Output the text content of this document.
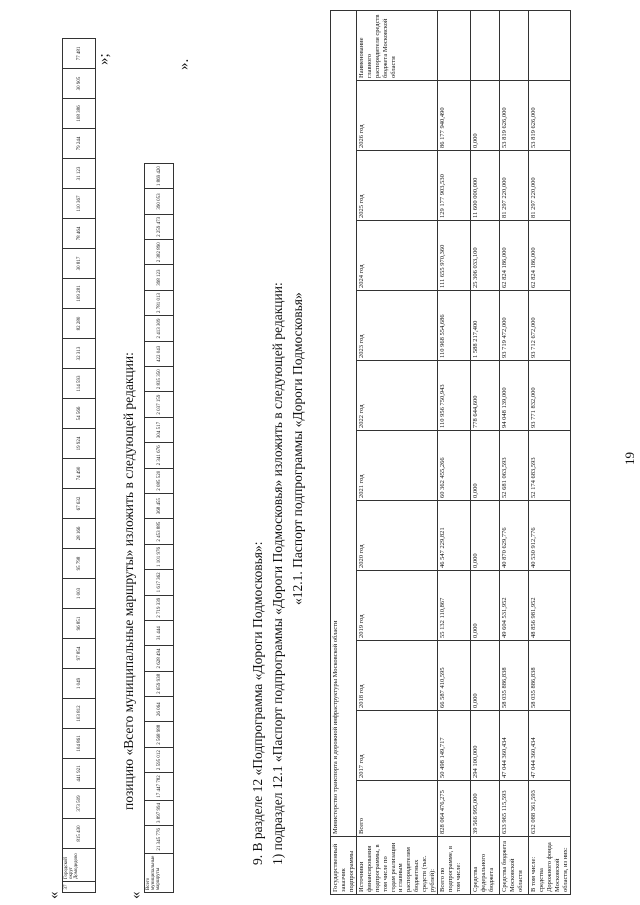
19
«
37	Городской округ Домодедово	815 430	373 509	441 921	104 861	103 812	1 049	97 854	96 851	1 003	95 798	28 166	67 632	74 490	19 924	54 566	114 593	32 313	82 280	109 281	30 817	78 464	110 367	31 123	79 244	108 386	30 905	77 481 »;
позицию «Всего муниципальные маршруты» изложить в следующей редакции:
«
Всего муниципальные маршруты	21 345 776	3 897 994	17 447 782	2 595 012	2 568 988	26 064	2 659 938	2 628 494	31 444	2 719 339	1 617 362	1 101 976	2 453 885	368 455	2 085 520	2 341 676	304 517	2 037 159	2 835 350	422 043	2 413 309	2 781 013	398 123	2 382 890	2 259 473	390 053	1 869 420
».
9. В разделе 12 «Подпрограмма «Дороги Подмосковья»: 1) подраздел 12.1 «Паспорт подпрограммы «Дороги Подмосковья» изложить в следующей редакции: «12.1. Паспорт подпрограммы «Дороги Подмосковья»
Государственный заказчик подпрограммы	Министерство транспорта и дорожной инфраструктуры Московской области											
Источники финансирования подпрограммы, в том числе по годам реализации и главным распорядителям бюджетных средств (тыс. рублей):	Всего	2017 год	2018 год	2019 год	2020 год	2021 год	2022 год	2023 год	2024 год	2025 год	2026 год	Наименование главного распорядителя средств бюджета Московской области
Всего по подпрограмме, в том числе:	828 064 476,275	50 498 149,717	66 587 410,595	55 132 110,867	46 547 229,821	60 362 455,266	110 956 750,943	110 968 554,686	111 655 970,360	129 177 903,530	86 177 940,490	
Средства федерального бюджета	39 566 995,000	294 100,000	0,000	0,000	0,000	0,000	778 644,600	1 588 217,400	25 306 033,100	11 600 000,000	0,000	
Средства бюджета Московской области	633 965 115,593	47 044 360,434	58 035 886,838	49 604 531,952	40 870 629,776	52 681 063,593	94 048 139,000	93 719 472,000	62 824 186,000	81 297 220,000	53 819 626,000	
В том числе: средства Дорожного фонда Московской области, из них:	632 088 361,593	47 044 360,434	58 035 886,838	48 856 981,952	40 530 912,776	52 174 683,593	93 771 832,000	93 712 672,000	62 824 186,000	81 297 220,000	53 819 626,000	
